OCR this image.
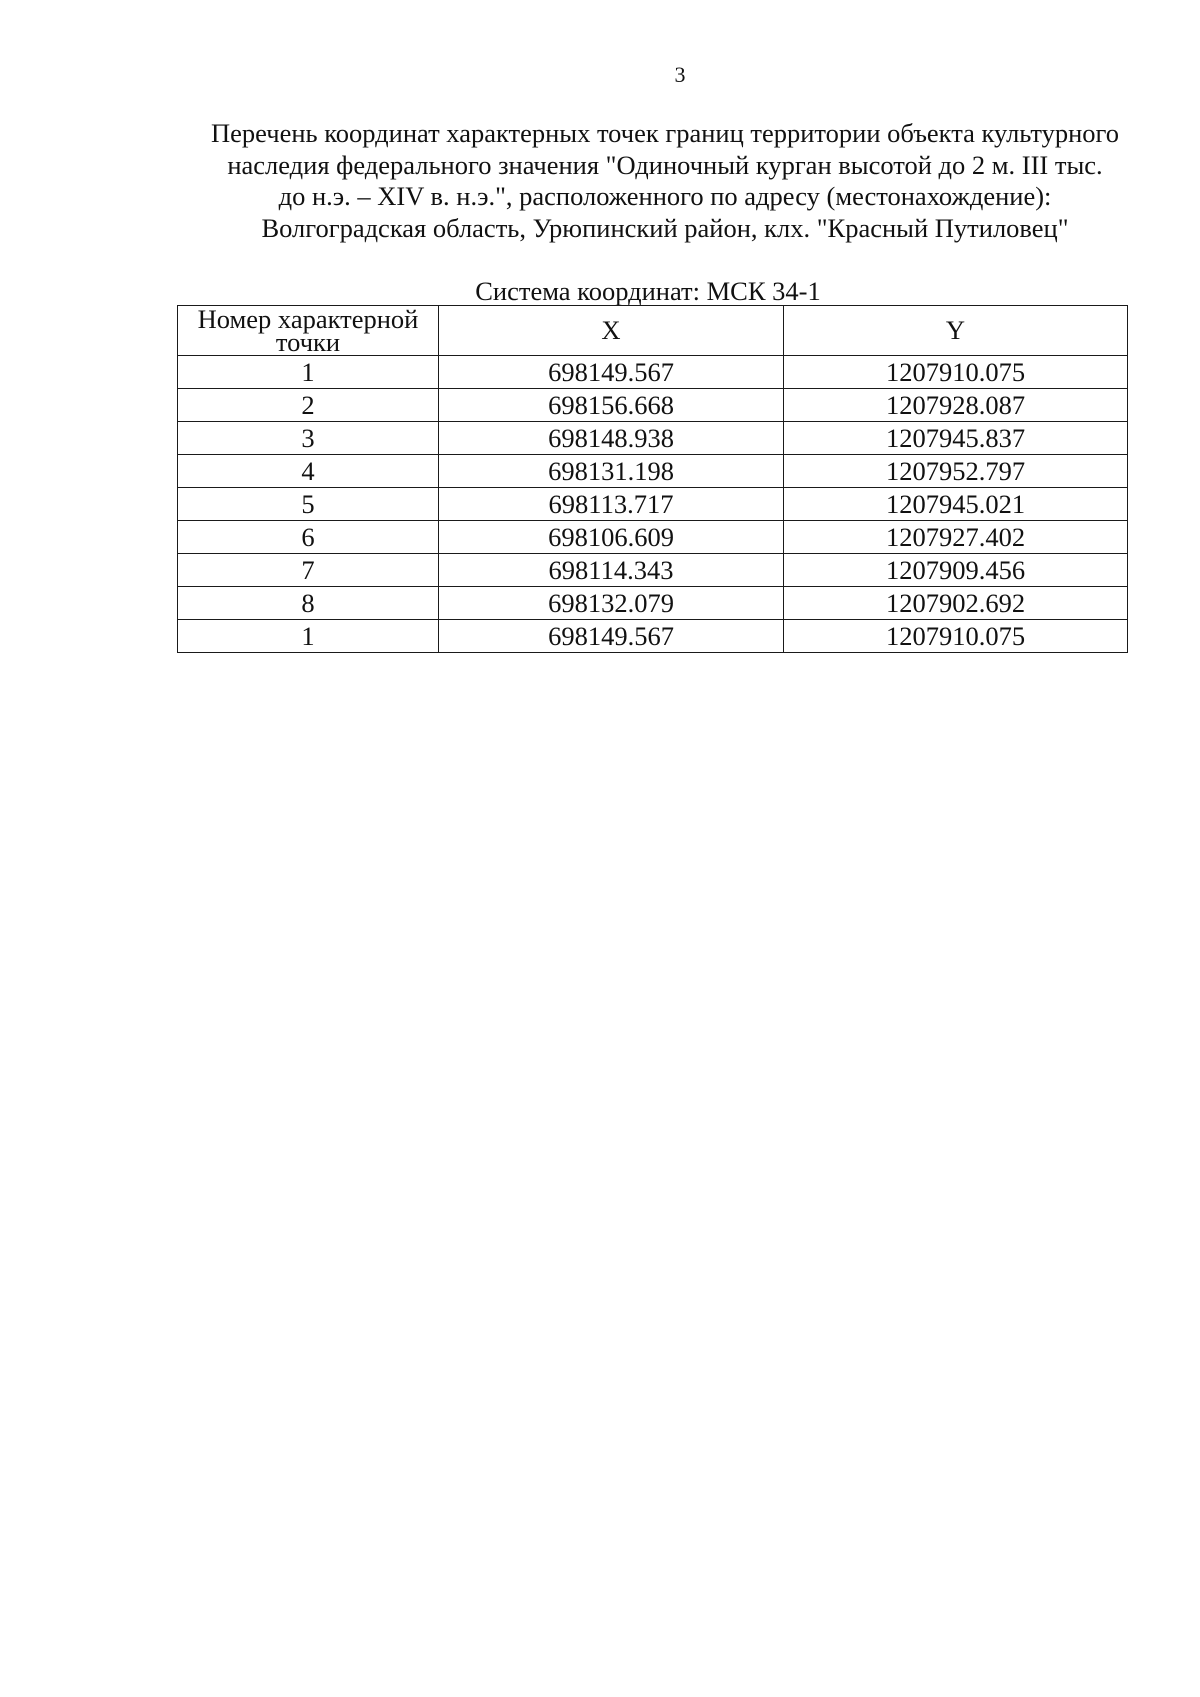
3
Перечень координат характерных точек границ территории объекта культурного
наследия федерального значения "Одиночный курган высотой до 2 м. III тыс.
до н.э. – XIV в. н.э.", расположенного по адресу (местонахождение):
Волгоградская область, Урюпинский район, клх. "Красный Путиловец"
Система координат: МСК 34-1
Номер характерной
точки	X	Y
1	698149.567	1207910.075
2	698156.668	1207928.087
3	698148.938	1207945.837
4	698131.198	1207952.797
5	698113.717	1207945.021
6	698106.609	1207927.402
7	698114.343	1207909.456
8	698132.079	1207902.692
1	698149.567	1207910.075
